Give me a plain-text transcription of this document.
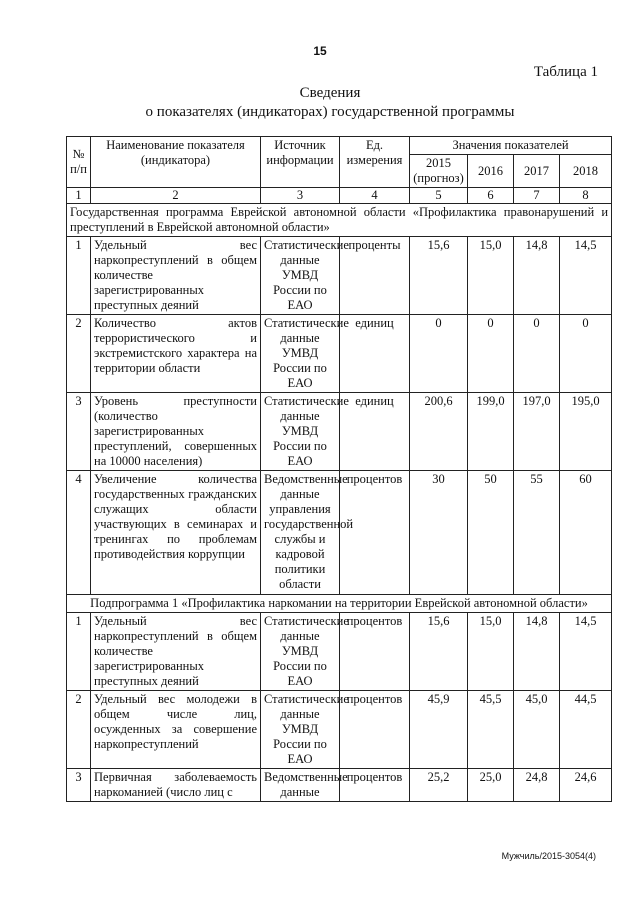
15
Таблица 1
Сведения
о показателях (индикаторах) государственной программы
№ п/п	Наименование показателя (индикатора)	Источник информации	Ед. измерения	Значения показателей			
				2015 (прогноз)	2016	2017	2018
1	2	3	4	5	6	7	8
Государственная программа Еврейской автономной области «Профилактика правонарушений и преступлений в Еврейской автономной области»							
1	Удельный вес наркопреступлений в общем количестве зарегистрированных преступных деяний	Статистические данные УМВД России по ЕАО	проценты	15,6	15,0	14,8	14,5
2	Количество актов террористического и экстремистского характера на территории области	Статистические данные УМВД России по ЕАО	единиц	0	0	0	0
3	Уровень преступности (количество зарегистрированных преступлений, совершенных на 10000 населения)	Статистические данные УМВД России по ЕАО	единиц	200,6	199,0	197,0	195,0
4	Увеличение количества государственных гражданских служащих области участвующих в семинарах и тренингах по проблемам противодействия коррупции	Ведомственные данные управления государственной службы и кадровой политики области	процентов	30	50	55	60
Подпрограмма 1 «Профилактика наркомании на территории Еврейской автономной области»							
1	Удельный вес наркопреступлений в общем количестве зарегистрированных преступных деяний	Статистические данные УМВД России по ЕАО	процентов	15,6	15,0	14,8	14,5
2	Удельный вес молодежи в общем числе лиц, осужденных за совершение наркопреступлений	Статистические данные УМВД России по ЕАО	процентов	45,9	45,5	45,0	44,5
3	Первичная заболеваемость наркоманией (число лиц с	Ведомственные данные	процентов	25,2	25,0	24,8	24,6
Мужчиль/2015-3054(4)
